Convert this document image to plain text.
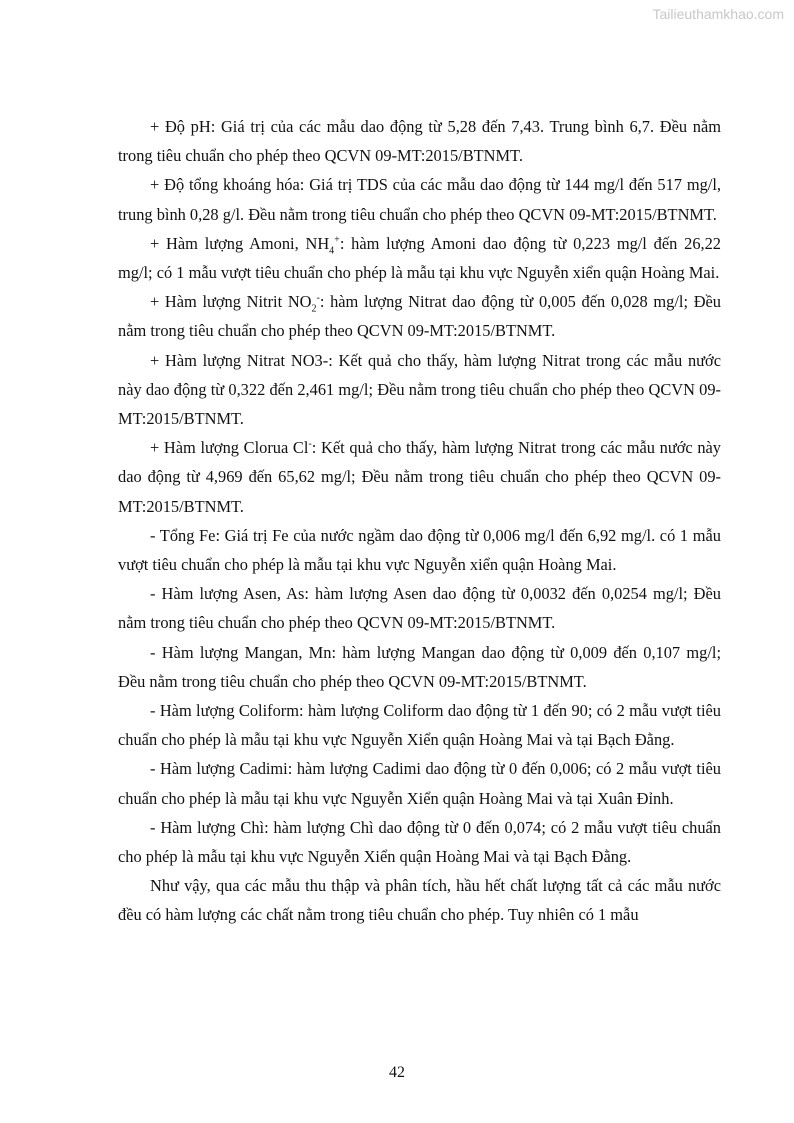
Tailieuthamkhao.com

+ Độ pH: Giá trị của các mẫu dao động từ 5,28 đến 7,43. Trung bình 6,7. Đều nằm trong tiêu chuẩn cho phép theo QCVN 09-MT:2015/BTNMT.

+ Độ tổng khoáng hóa: Giá trị TDS của các mẫu dao động từ 144 mg/l đến 517 mg/l, trung bình 0,28 g/l. Đều nằm trong tiêu chuẩn cho phép theo QCVN 09-MT:2015/BTNMT.

+ Hàm lượng Amoni, $NH_4^+$: hàm lượng Amoni dao động từ 0,223 mg/l đến 26,22 mg/l; có 1 mẫu vượt tiêu chuẩn cho phép là mẫu tại khu vực Nguyễn xiển quận Hoàng Mai.

+ Hàm lượng Nitrit $NO_2^-$: hàm lượng Nitrat dao động từ 0,005 đến 0,028 mg/l; Đều nằm trong tiêu chuẩn cho phép theo QCVN 09-MT:2015/BTNMT.

+ Hàm lượng Nitrat NO3-: Kết quả cho thấy, hàm lượng Nitrat trong các mẫu nước này dao động từ 0,322 đến 2,461 mg/l; Đều nằm trong tiêu chuẩn cho phép theo QCVN 09-MT:2015/BTNMT.

+ Hàm lượng Clorua Cl-: Kết quả cho thấy, hàm lượng Nitrat trong các mẫu nước này dao động từ 4,969 đến 65,62 mg/l; Đều nằm trong tiêu chuẩn cho phép theo QCVN 09-MT:2015/BTNMT.

- Tổng Fe: Giá trị Fe của nước ngầm dao động từ 0,006 mg/l đến 6,92 mg/l. có 1 mẫu vượt tiêu chuẩn cho phép là mẫu tại khu vực Nguyễn xiển quận Hoàng Mai.

- Hàm lượng Asen, As: hàm lượng Asen dao động từ 0,0032 đến 0,0254 mg/l; Đều nằm trong tiêu chuẩn cho phép theo QCVN 09-MT:2015/BTNMT.

- Hàm lượng Mangan, Mn: hàm lượng Mangan dao động từ 0,009 đến 0,107 mg/l; Đều nằm trong tiêu chuẩn cho phép theo QCVN 09-MT:2015/BTNMT.

- Hàm lượng Coliform: hàm lượng Coliform dao động từ 1 đến 90; có 2 mẫu vượt tiêu chuẩn cho phép là mẫu tại khu vực Nguyễn Xiển quận Hoàng Mai và tại Bạch Đằng.

- Hàm lượng Cadimi: hàm lượng Cadimi dao động từ 0 đến 0,006; có 2 mẫu vượt tiêu chuẩn cho phép là mẫu tại khu vực Nguyễn Xiển quận Hoàng Mai và tại Xuân Đỉnh.

- Hàm lượng Chì: hàm lượng Chì dao động từ 0 đến 0,074; có 2 mẫu vượt tiêu chuẩn cho phép là mẫu tại khu vực Nguyễn Xiển quận Hoàng Mai và tại Bạch Đằng.

Như vậy, qua các mẫu thu thập và phân tích, hầu hết chất lượng tất cả các mẫu nước đều có hàm lượng các chất nằm trong tiêu chuẩn cho phép. Tuy nhiên có 1 mẫu

42
